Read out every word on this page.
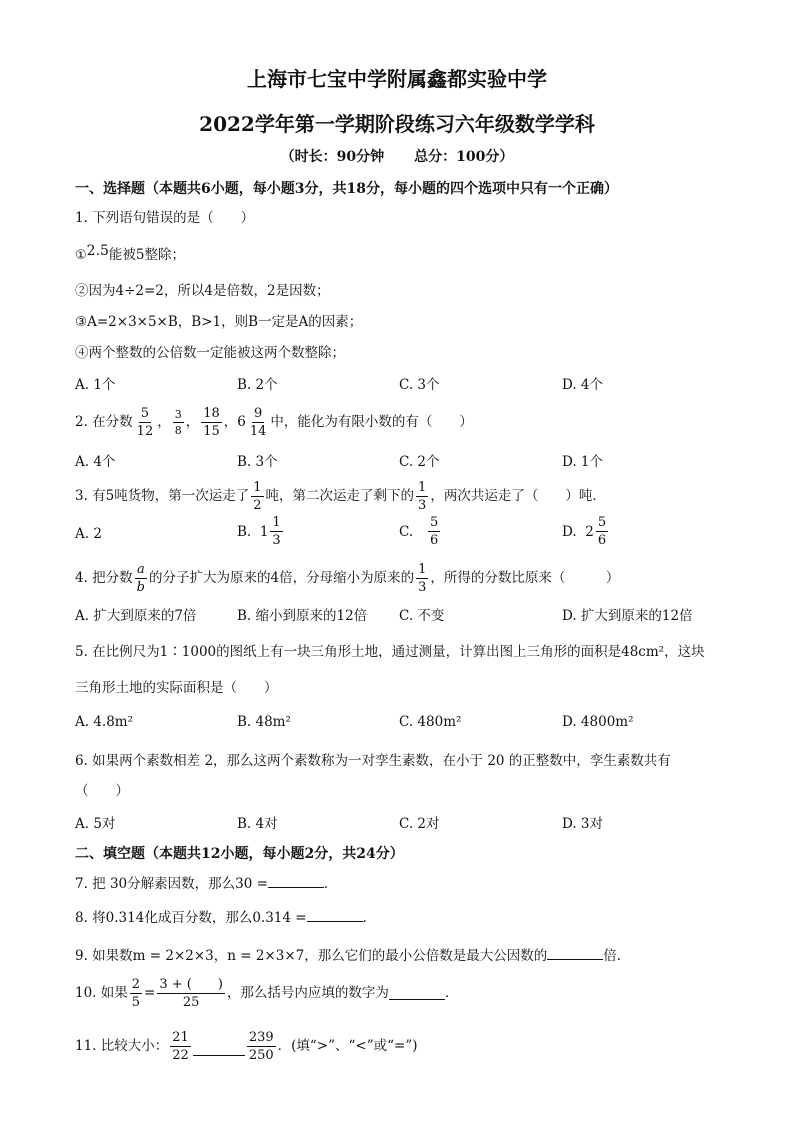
上海市七宝中学附属鑫都实验中学
2022学年第一学期阶段练习六年级数学学科
（时长：90分钟 总分：100分）
一、选择题（本题共6小题，每小题3分，共18分，每小题的四个选项中只有一个正确）
1. 下列语句错误的是（　　）
①2.5能被5整除；
②因为4÷2=2，所以4是倍数，2是因数；
③A=2×3×5×B，B>1，则B一定是A的因素；
④两个整数的公倍数一定能被这两个数整除；
A. 1个	B. 2个	C. 3个	D. 4个
2. 在分数 $\frac{5}{12}$ ， $\frac{3}{8}$ ， $\frac{18}{15}$ ， $6 \frac{9}{14}$ 中，能化为有限小数的有（　　）
A. 4个	B. 3个	C. 2个	D. 1个
3. 有5吨货物，第一次运走了 $\frac{1}{2}$ 吨，第二次运走了剩下的 $\frac{1}{3}$ ，两次共运走了（　　）吨．
A. 2	B.
$1 \frac{1}{3}$	C.
$\frac{5}{6}$	D.
$2 \frac{5}{6}$
4. 把分数 $\frac{a}{b}$ 的分子扩大为原来的4倍，分母缩小为原来的 $\frac{1}{3}$ ，所得的分数比原来（　　　）
A. 扩大到原来的7倍	B. 缩小到原来的12倍 C. 不变	D. 扩大到原来的12倍
5. 在比例尺为1∶1000的图纸上有一块三角形土地，通过测量，计算出图上三角形的面积是48cm²，这块
三角形土地的实际面积是（　　）
A. 4.8m²	B. 48m²	C. 480m²	D. 4800m²
6. 如果两个素数相差 2，那么这两个素数称为一对孪生素数，在小于 20 的正整数中，孪生素数共有
（　　）
A. 5对	B. 4对	C. 2对	D. 3对
二、填空题（本题共12小题，每小题2分，共24分）
7. 把 30分解素因数，那么30 =	．
8. 将0.314化成百分数，那么0.314 =	．
9. 如果数m = 2×2×3，n = 2×3×7，那么它们的最小公倍数是最大公因数的	倍．
10. 如果 $\frac{2}{5} = \frac{3 + ( )}{25}$ ，那么括号内应填的数字为	．
11. 比较大小： $\frac{21}{22}$	$\frac{239}{250}$ ．(填“>”、“<”或“=”)
